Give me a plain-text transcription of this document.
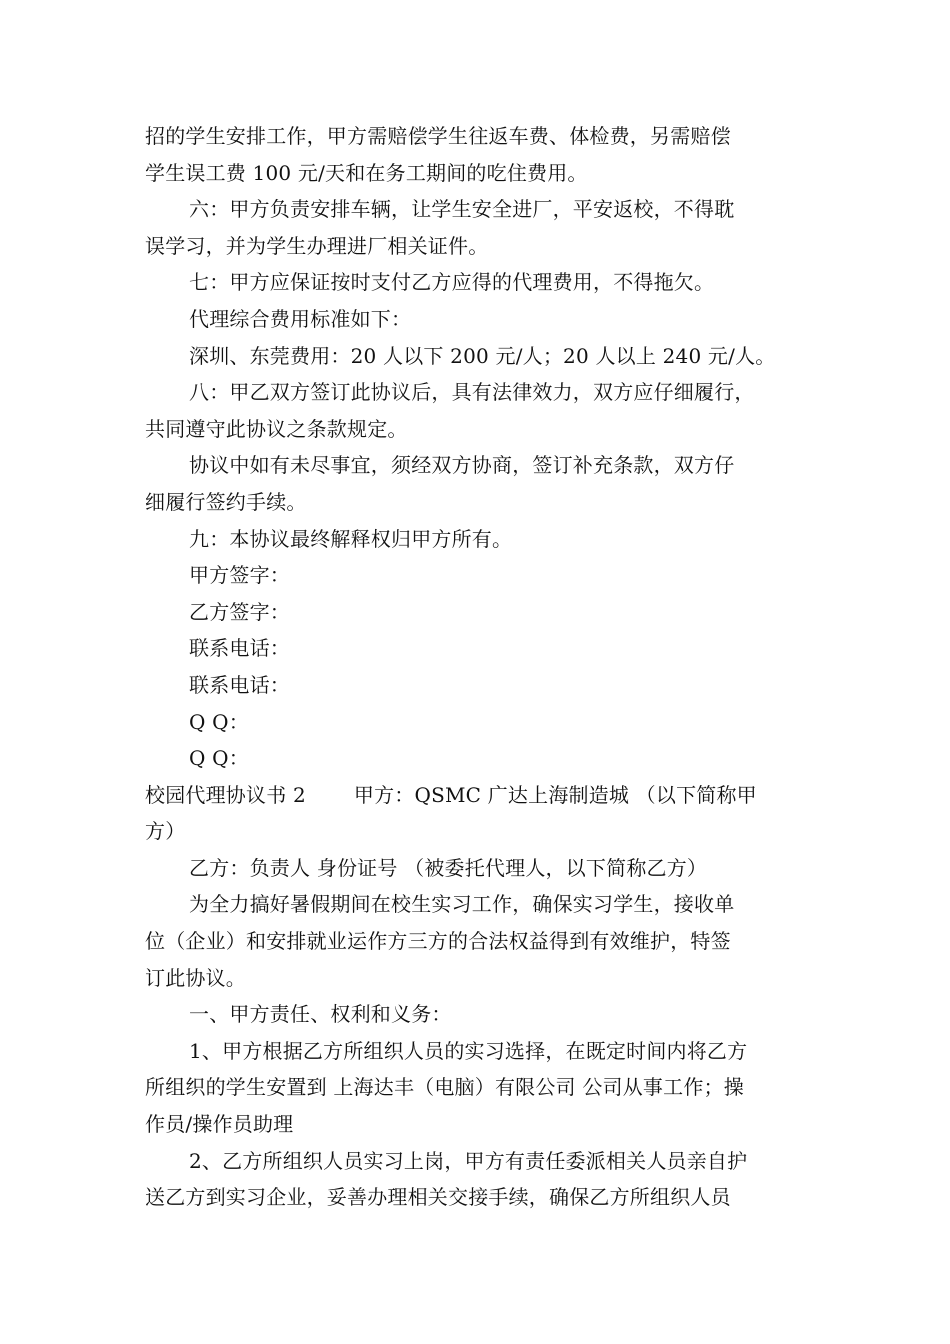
招的学生安排工作，甲方需赔偿学生往返车费、体检费，另需赔偿
学生误工费 100 元/天和在务工期间的吃住费用。
六：甲方负责安排车辆，让学生安全进厂，平安返校，不得耽
误学习，并为学生办理进厂相关证件。
七：甲方应保证按时支付乙方应得的代理费用，不得拖欠。
代理综合费用标准如下：
深圳、东莞费用：20 人以下 200 元/人；20 人以上 240 元/人。
八：甲乙双方签订此协议后，具有法律效力，双方应仔细履行，
共同遵守此协议之条款规定。
协议中如有未尽事宜，须经双方协商，签订补充条款，双方仔
细履行签约手续。
九：本协议最终解释权归甲方所有。
甲方签字：
乙方签字：
联系电话：
联系电话：
Q Q：
Q Q：
校园代理协议书 2 甲方：QSMC 广达上海制造城 （以下简称甲
方）
乙方：负责人 身份证号 （被委托代理人，以下简称乙方）
为全力搞好暑假期间在校生实习工作，确保实习学生，接收单
位（企业）和安排就业运作方三方的合法权益得到有效维护，特签
订此协议。
一、甲方责任、权利和义务：
1、甲方根据乙方所组织人员的实习选择，在既定时间内将乙方
所组织的学生安置到 上海达丰（电脑）有限公司 公司从事工作；操
作员/操作员助理
2、乙方所组织人员实习上岗，甲方有责任委派相关人员亲自护
送乙方到实习企业，妥善办理相关交接手续，确保乙方所组织人员
